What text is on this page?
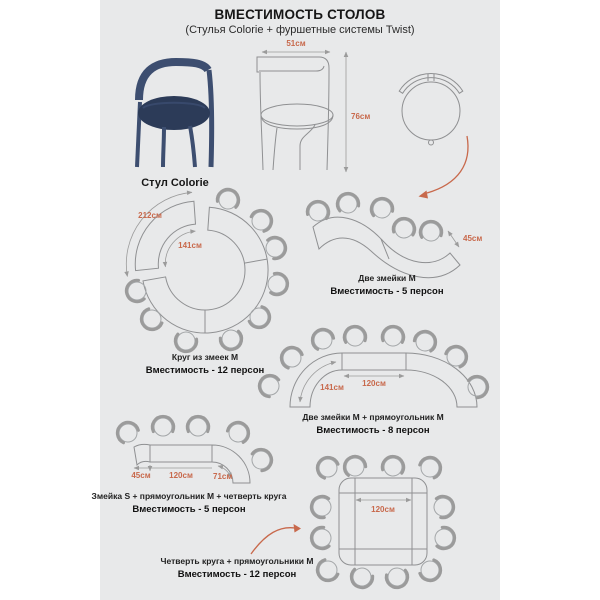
ВМЕСТИМОСТЬ СТОЛОВ
(Стулья Colorie + фуршетные системы Twist)
Стул Colorie
51см
76см
212см
141см
Круг из змеек М
Вместимость - 12 персон
45см
Две змейки М
Вместимость - 5 персон
120см
141см
Две змейки М + прямоугольник М
Вместимость - 8 персон
45см 120см	71см
Змейка S + прямоугольник М + четверть круга
Вместимость - 5 персон	120см
Четверть круга + прямоугольники М
Вместимость - 12 персон
